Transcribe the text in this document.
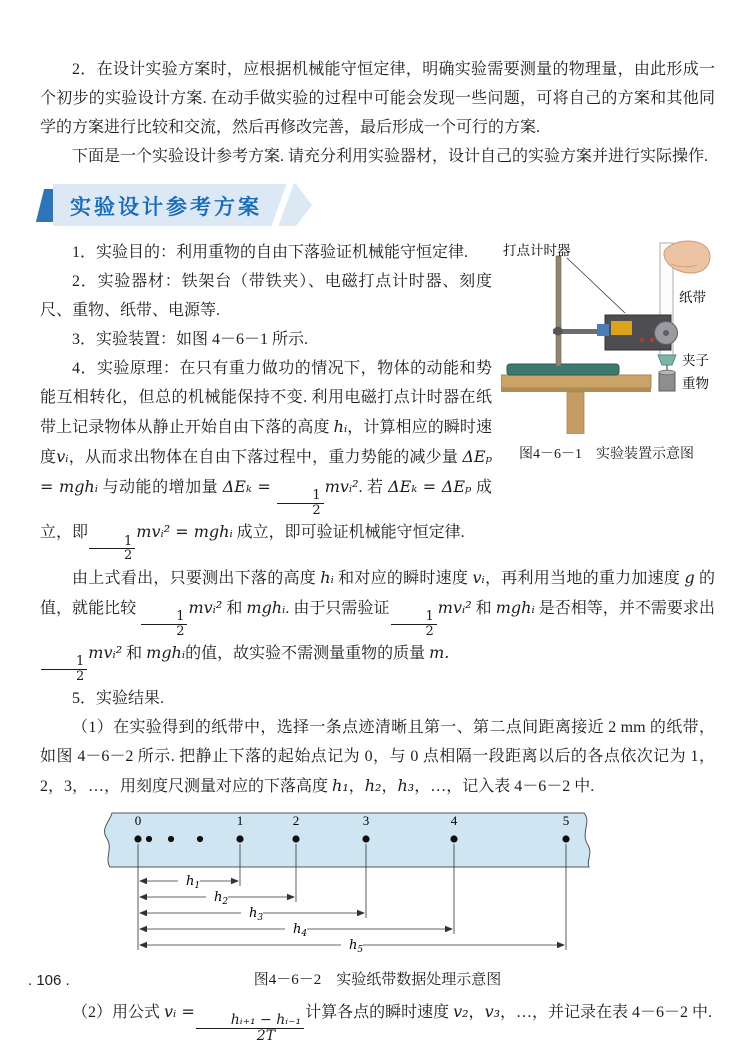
2．在设计实验方案时，应根据机械能守恒定律，明确实验需要测量的物理量，由此形成一个初步的实验设计方案. 在动手做实验的过程中可能会发现一些问题，可将自己的方案和其他同学的方案进行比较和交流，然后再修改完善，最后形成一个可行的方案.

下面是一个实验设计参考方案. 请充分利用实验器材，设计自己的实验方案并进行实际操作.

实验设计参考方案

1．实验目的：利用重物的自由下落验证机械能守恒定律.

2．实验器材：铁架台（带铁夹）、电磁打点计时器、刻度尺、重物、纸带、电源等.

3．实验装置：如图 4－6－1 所示.

4．实验原理：在只有重力做功的情况下，物体的动能和势能互相转化，但总的机械能保持不变. 利用电磁打点计时器在纸带上记录物体从静止开始自由下落的高度 hᵢ，计算相应的瞬时速度vᵢ，从而求出物体在自由下落过程中，重力势能的减少量 ΔEₚ = mghᵢ 与动能的增加量 ΔEₖ =
$\frac{1}{2}$
mvᵢ². 若 ΔEₖ = ΔEₚ 成立，即
$\frac{1}{2}$
mvᵢ² = mghᵢ 成立，即可验证机械能守恒定律.

打点计时器
纸带
夹子
重物
图4－6－1　实验装置示意图

由上式看出，只要测出下落的高度 hᵢ 和对应的瞬时速度 vᵢ，再利用当地的重力加速度 g 的值，就能比较
$\frac{1}{2}$
mvᵢ² 和 mghᵢ. 由于只需验证
$\frac{1}{2}$
mvᵢ² 和 mghᵢ 是否相等，并不需要求出
$\frac{1}{2}$
mvᵢ² 和 mghᵢ的值，故实验不需测量重物的质量 m.

5．实验结果.

（1）在实验得到的纸带中，选择一条点迹清晰且第一、第二点间距离接近 2 mm 的纸带，如图 4－6－2 所示. 把静止下落的起始点记为 0，与 0 点相隔一段距离以后的各点依次记为 1，2，3，…，用刻度尺测量对应的下落高度 h₁，h₂，h₃，…，记入表 4－6－2 中.

0	1	2	3	4	5
$h_1$
$h_2$
$h_3$
$h_4$
$h_5$
图4－6－2　实验纸带数据处理示意图

（2）用公式 vᵢ =
$\frac{\text{hᵢ₊₁ − hᵢ₋₁}}{2T}$
计算各点的瞬时速度 v₂，v₃，…，并记录在表 4－6－2 中.

. 106 .
